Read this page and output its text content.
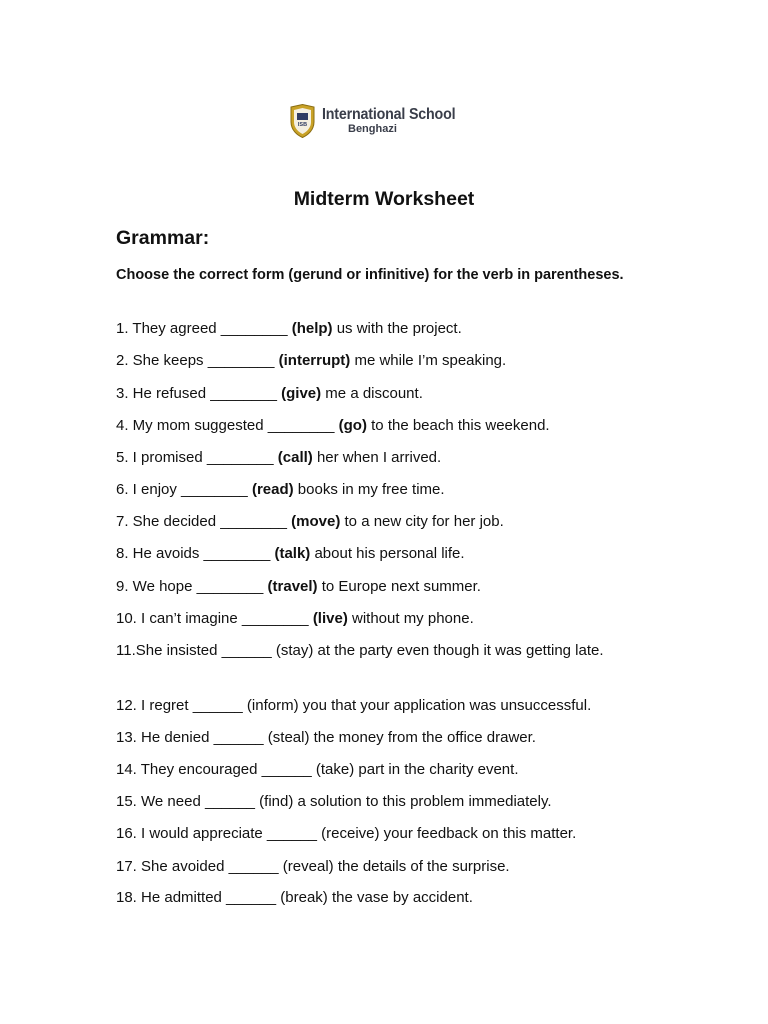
ISB
International School
Benghazi
Midterm Worksheet
Grammar:
Choose the correct form (gerund or infinitive) for the verb in parentheses.
1. They agreed ________ (help) us with the project.
2. She keeps ________ (interrupt) me while I’m speaking.
3. He refused ________ (give) me a discount.
4. My mom suggested ________ (go) to the beach this weekend.
5. I promised ________ (call) her when I arrived.
6. I enjoy ________ (read) books in my free time.
7. She decided ________ (move) to a new city for her job.
8. He avoids ________ (talk) about his personal life.
9. We hope ________ (travel) to Europe next summer.
10. I can’t imagine ________ (live) without my phone.
11.She insisted ______ (stay) at the party even though it was getting late.
12. I regret ______ (inform) you that your application was unsuccessful.
13. He denied ______ (steal) the money from the office drawer.
14. They encouraged ______ (take) part in the charity event.
15. We need ______ (find) a solution to this problem immediately.
16. I would appreciate ______ (receive) your feedback on this matter.
17. She avoided ______ (reveal) the details of the surprise.
18. He admitted ______ (break) the vase by accident.
